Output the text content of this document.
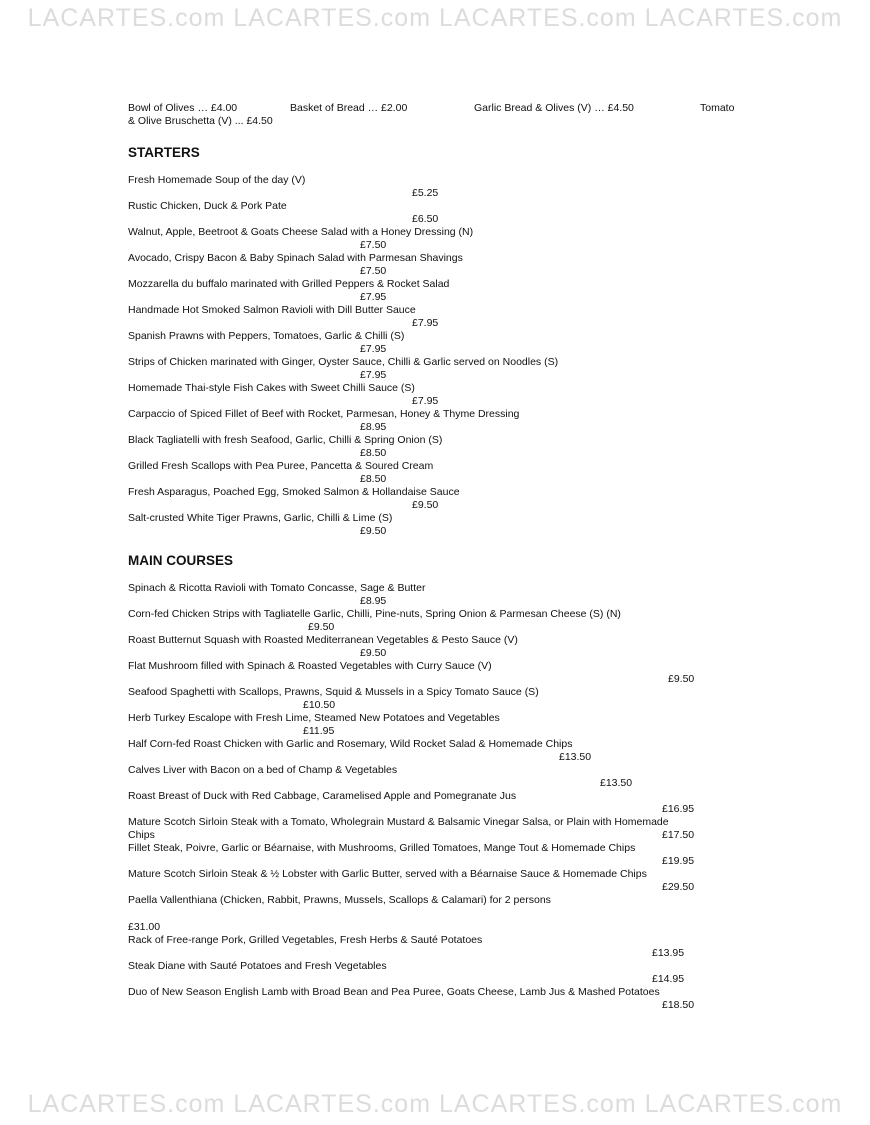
LACARTES.com LACARTES.com LACARTES.com LACARTES.com
Bowl of Olives … £4.00	Basket of Bread … £2.00	Garlic Bread & Olives (V) … £4.50	Tomato
& Olive Bruschetta (V) ... £4.50
STARTERS
Fresh Homemade Soup of the day (V)
£5.25
Rustic Chicken, Duck & Pork Pate
£6.50
Walnut, Apple, Beetroot & Goats Cheese Salad with a Honey Dressing (N)
£7.50
Avocado, Crispy Bacon & Baby Spinach Salad with Parmesan Shavings
£7.50
Mozzarella du buffalo marinated with Grilled Peppers & Rocket Salad
£7.95
Handmade Hot Smoked Salmon Ravioli with Dill Butter Sauce
£7.95
Spanish Prawns with Peppers, Tomatoes, Garlic & Chilli (S)
£7.95
Strips of Chicken marinated with Ginger, Oyster Sauce, Chilli & Garlic served on Noodles (S)
£7.95
Homemade Thai-style Fish Cakes with Sweet Chilli Sauce (S)
£7.95
Carpaccio of Spiced Fillet of Beef with Rocket, Parmesan, Honey & Thyme Dressing
£8.95
Black Tagliatelli with fresh Seafood, Garlic, Chilli & Spring Onion (S)
£8.50
Grilled Fresh Scallops with Pea Puree, Pancetta & Soured Cream
£8.50
Fresh Asparagus, Poached Egg, Smoked Salmon & Hollandaise Sauce
£9.50
Salt-crusted White Tiger Prawns, Garlic, Chilli & Lime (S)
£9.50
MAIN COURSES
Spinach & Ricotta Ravioli with Tomato Concasse, Sage & Butter
£8.95
Corn-fed Chicken Strips with Tagliatelle Garlic, Chilli, Pine-nuts, Spring Onion & Parmesan Cheese (S) (N)
£9.50
Roast Butternut Squash with Roasted Mediterranean Vegetables & Pesto Sauce (V)
£9.50
Flat Mushroom filled with Spinach & Roasted Vegetables with Curry Sauce (V)
£9.50
Seafood Spaghetti with Scallops, Prawns, Squid & Mussels in a Spicy Tomato Sauce (S)
£10.50
Herb Turkey Escalope with Fresh Lime, Steamed New Potatoes and Vegetables
£11.95
Half Corn-fed Roast Chicken with Garlic and Rosemary, Wild Rocket Salad & Homemade Chips
£13.50
Calves Liver with Bacon on a bed of Champ & Vegetables
£13.50
Roast Breast of Duck with Red Cabbage, Caramelised Apple and Pomegranate Jus
£16.95
Mature Scotch Sirloin Steak with a Tomato, Wholegrain Mustard & Balsamic Vinegar Salsa, or Plain with Homemade
Chips	£17.50
Fillet Steak, Poivre, Garlic or Béarnaise, with Mushrooms, Grilled Tomatoes, Mange Tout & Homemade Chips
£19.95
Mature Scotch Sirloin Steak & ½ Lobster with Garlic Butter, served with a Béarnaise Sauce & Homemade Chips
£29.50
Paella Vallenthiana (Chicken, Rabbit, Prawns, Mussels, Scallops & Calamari) for 2 persons
£31.00
Rack of Free-range Pork, Grilled Vegetables, Fresh Herbs & Sauté Potatoes
£13.95
Steak Diane with Sauté Potatoes and Fresh Vegetables
£14.95
Duo of New Season English Lamb with Broad Bean and Pea Puree, Goats Cheese, Lamb Jus & Mashed Potatoes
£18.50
LACARTES.com LACARTES.com LACARTES.com LACARTES.com
